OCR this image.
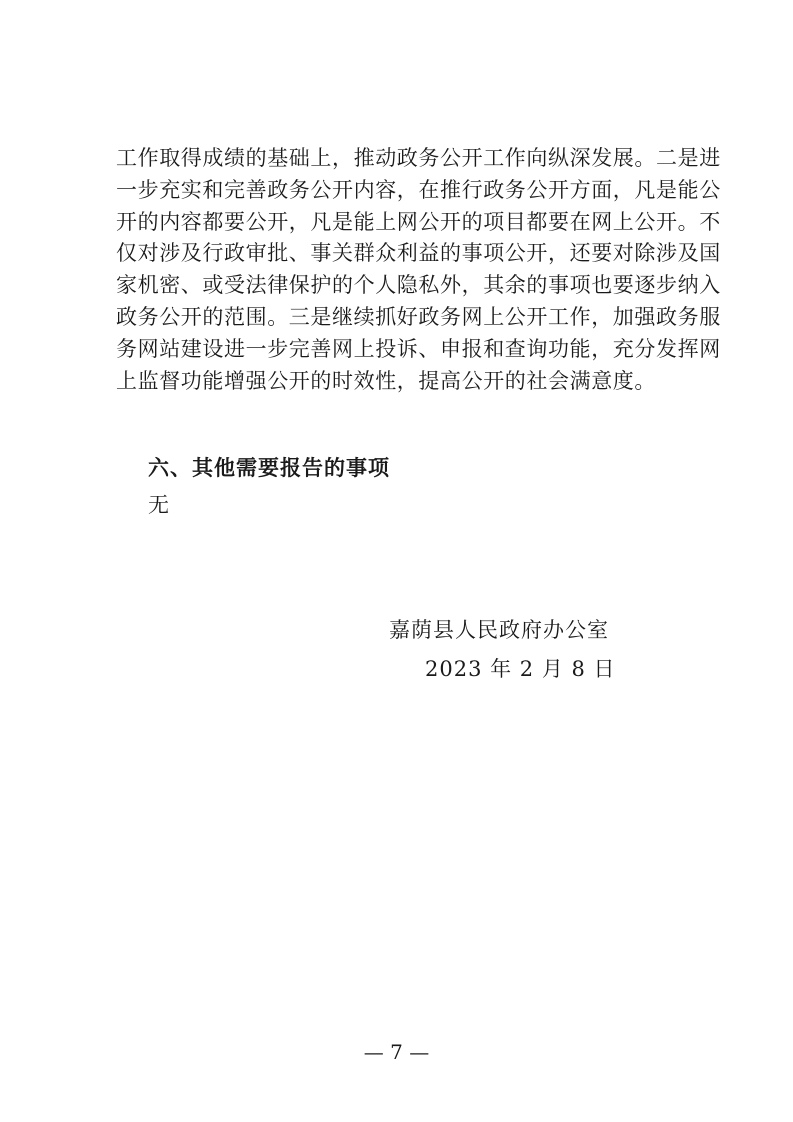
工作取得成绩的基础上，推动政务公开工作向纵深发展。二是进
一步充实和完善政务公开内容，在推行政务公开方面，凡是能公
开的内容都要公开，凡是能上网公开的项目都要在网上公开。不
仅对涉及行政审批、事关群众利益的事项公开，还要对除涉及国
家机密、或受法律保护的个人隐私外，其余的事项也要逐步纳入
政务公开的范围。三是继续抓好政务网上公开工作，加强政务服
务网站建设进一步完善网上投诉、申报和查询功能，充分发挥网
上监督功能增强公开的时效性，提高公开的社会满意度。
六、其他需要报告的事项
无
嘉荫县人民政府办公室
2023 年 2 月 8 日
— 7 —
